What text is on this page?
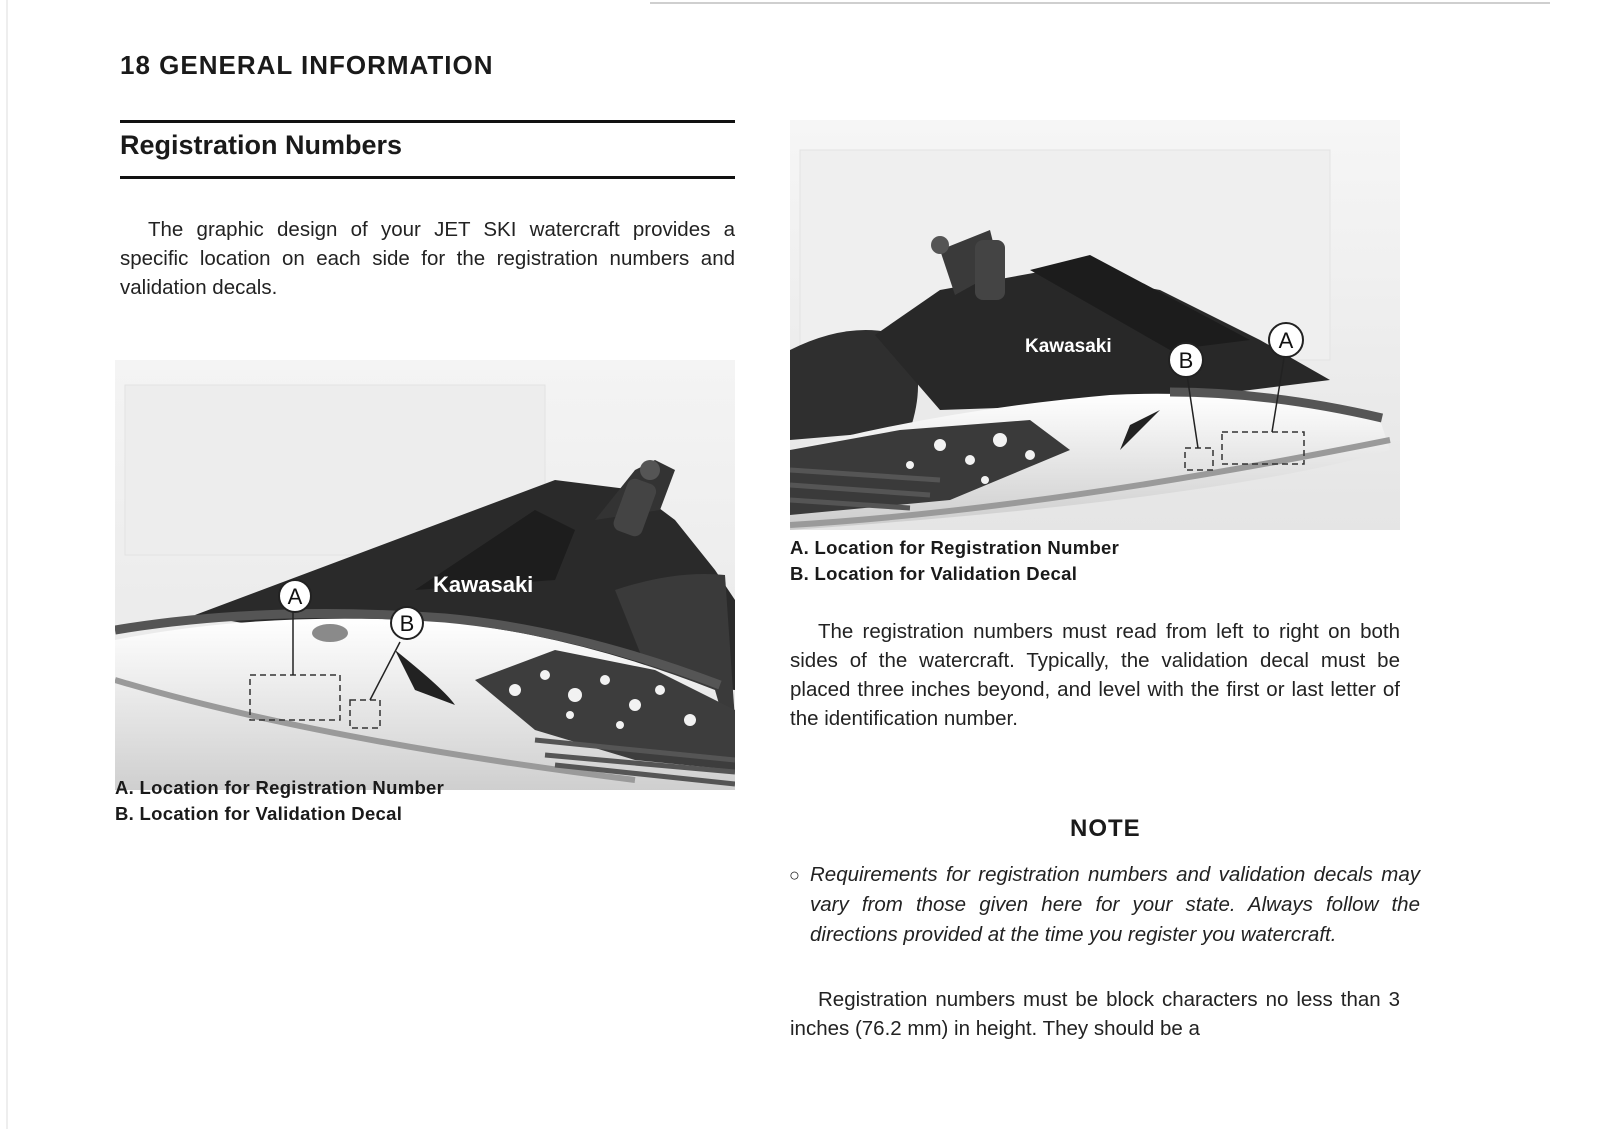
18 GENERAL INFORMATION
Registration Numbers
The graphic design of your JET SKI watercraft provides a specific location on each side for the registration numbers and validation decals.
Kawasaki
A
B
A. Location for Registration Number
B. Location for Validation Decal
Kawasaki
B
A
A. Location for Registration Number
B. Location for Validation Decal
The registration numbers must read from left to right on both sides of the watercraft. Typically, the validation decal must be placed three inches beyond, and level with the first or last letter of the identification number.
NOTE
○ Requirements for registration numbers and validation decals may vary from those given here for your state. Always follow the directions provided at the time you register you watercraft.
Registration numbers must be block characters no less than 3 inches (76.2 mm) in height. They should be a
